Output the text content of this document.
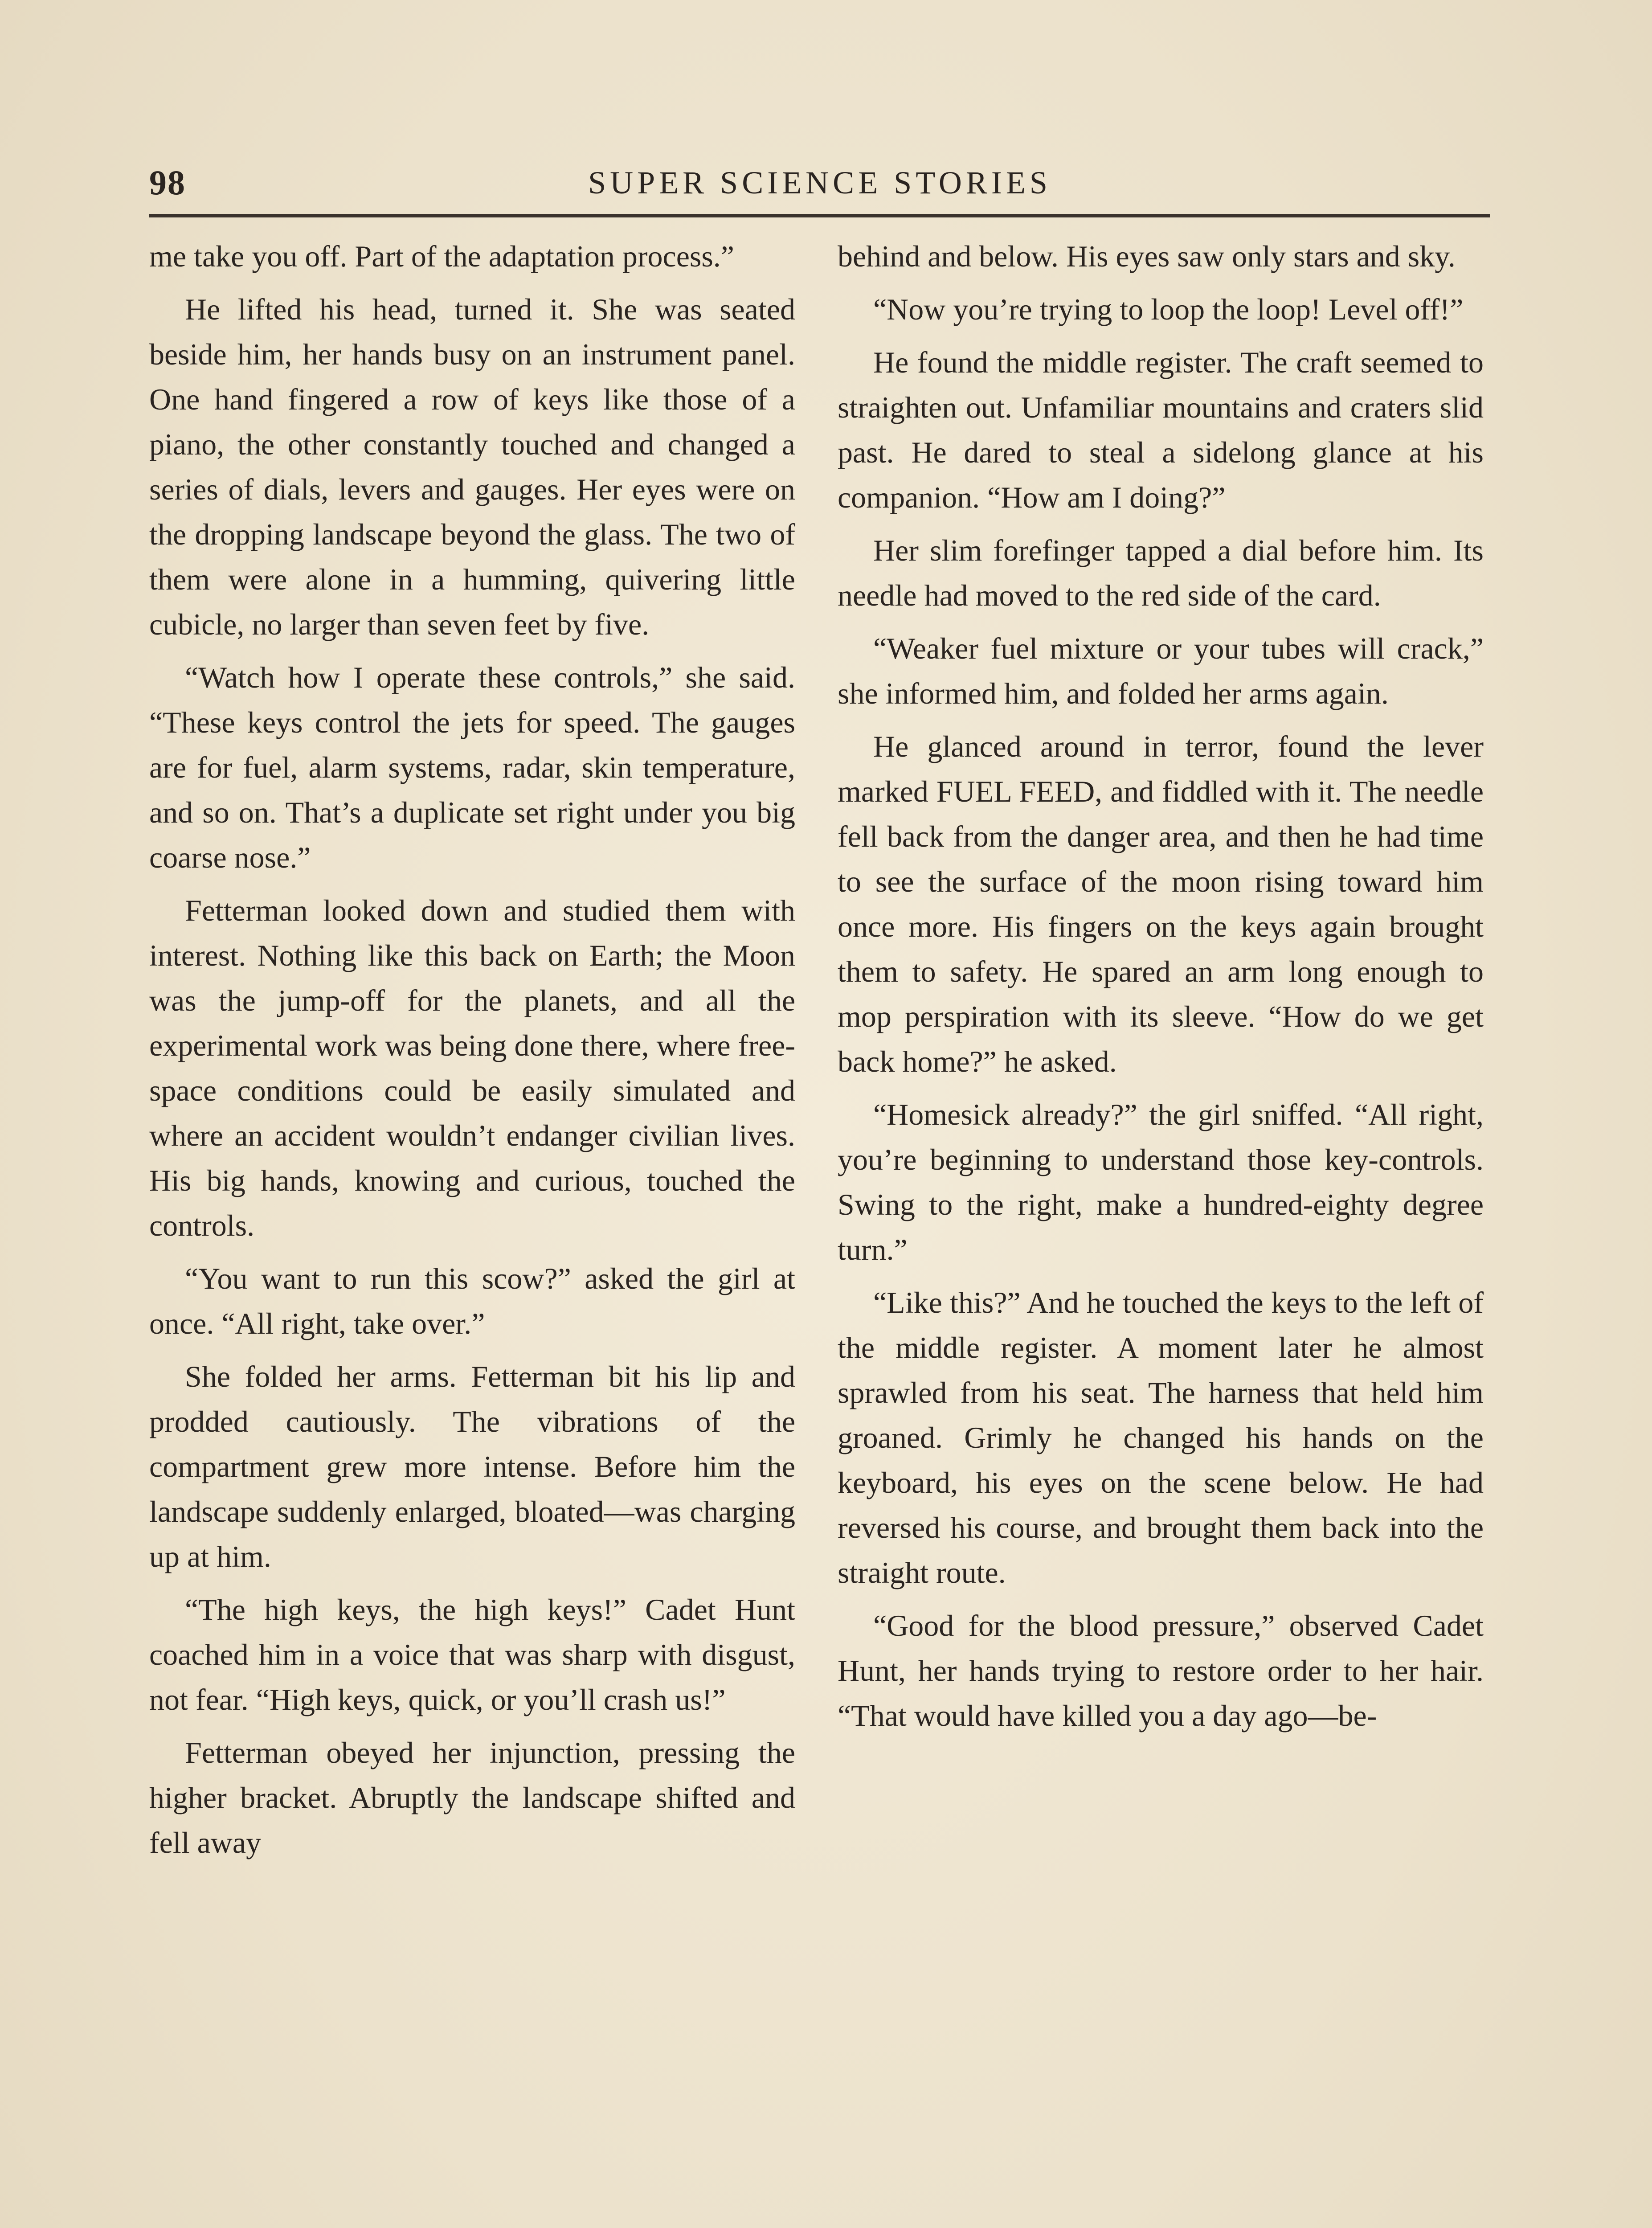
98	SUPER SCIENCE STORIES

me take you off. Part of the adaptation process.”

He lifted his head, turned it. She was seated beside him, her hands busy on an instrument panel. One hand fingered a row of keys like those of a piano, the other constantly touched and changed a series of dials, levers and gauges. Her eyes were on the dropping landscape beyond the glass. The two of them were alone in a humming, quivering little cubicle, no larger than seven feet by five.

“Watch how I operate these controls,” she said. “These keys control the jets for speed. The gauges are for fuel, alarm systems, radar, skin temperature, and so on. That’s a duplicate set right under you big coarse nose.”

Fetterman looked down and studied them with interest. Nothing like this back on Earth; the Moon was the jump-off for the planets, and all the experimental work was being done there, where free-space conditions could be easily simulated and where an accident wouldn’t endanger civilian lives. His big hands, knowing and curious, touched the controls.

“You want to run this scow?” asked the girl at once. “All right, take over.”

She folded her arms. Fetterman bit his lip and prodded cautiously. The vibrations of the compartment grew more intense. Before him the landscape suddenly enlarged, bloated—was charging up at him.

“The high keys, the high keys!” Cadet Hunt coached him in a voice that was sharp with disgust, not fear. “High keys, quick, or you’ll crash us!”

Fetterman obeyed her injunction, pressing the higher bracket. Abruptly the landscape shifted and fell away

behind and below. His eyes saw only stars and sky.

“Now you’re trying to loop the loop! Level off!”

He found the middle register. The craft seemed to straighten out. Unfamiliar mountains and craters slid past. He dared to steal a sidelong glance at his companion. “How am I doing?”

Her slim forefinger tapped a dial before him. Its needle had moved to the red side of the card.

“Weaker fuel mixture or your tubes will crack,” she informed him, and folded her arms again.

He glanced around in terror, found the lever marked FUEL FEED, and fiddled with it. The needle fell back from the danger area, and then he had time to see the surface of the moon rising toward him once more. His fingers on the keys again brought them to safety. He spared an arm long enough to mop perspiration with its sleeve. “How do we get back home?” he asked.

“Homesick already?” the girl sniffed. “All right, you’re beginning to understand those key-controls. Swing to the right, make a hundred-eighty degree turn.”

“Like this?” And he touched the keys to the left of the middle register. A moment later he almost sprawled from his seat. The harness that held him groaned. Grimly he changed his hands on the keyboard, his eyes on the scene below. He had reversed his course, and brought them back into the straight route.

“Good for the blood pressure,” observed Cadet Hunt, her hands trying to restore order to her hair. “That would have killed you a day ago—be-
